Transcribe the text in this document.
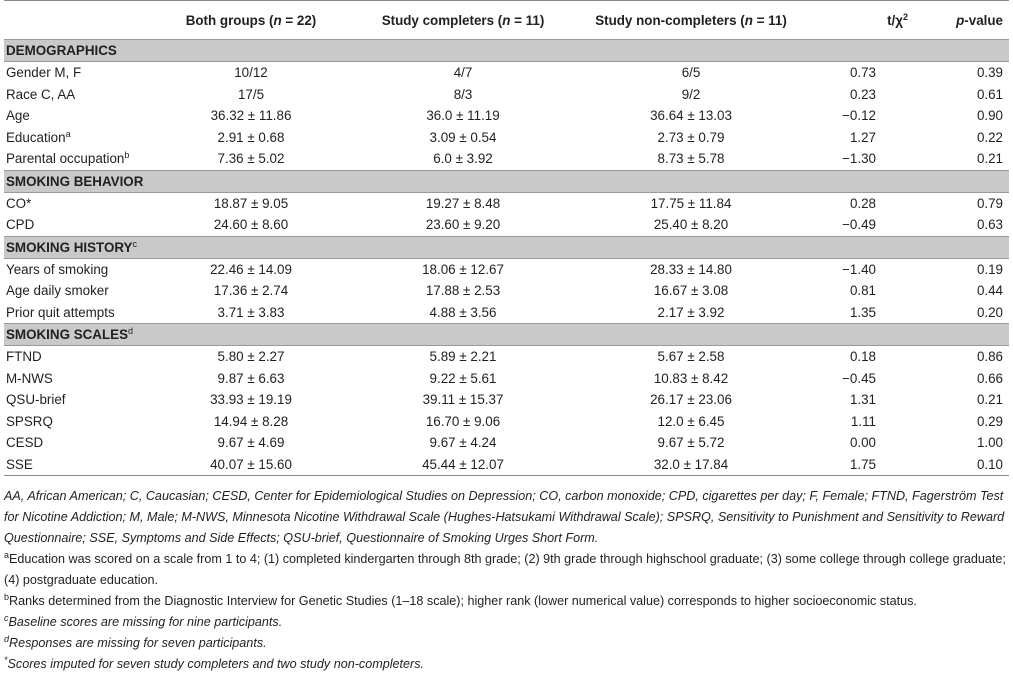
	Both groups (n = 22)	Study completers (n = 11)	Study non-completers (n = 11)	$t/\chi^2$	p-value
DEMOGRAPHICS					
Gender M, F	10/12	4/7	6/5	0.73	0.39
Race C, AA	17/5	8/3	9/2	0.23	0.61
Age	36.32 ± 11.86	36.0 ± 11.19	36.64 ± 13.03	−0.12	0.90
Education$^a$	2.91 ± 0.68	3.09 ± 0.54	2.73 ± 0.79	1.27	0.22
Parental occupation$^b$	7.36 ± 5.02	6.0 ± 3.92	8.73 ± 5.78	−1.30	0.21
SMOKING BEHAVIOR					
CO*	18.87 ± 9.05	19.27 ± 8.48	17.75 ± 11.84	0.28	0.79
CPD	24.60 ± 8.60	23.60 ± 9.20	25.40 ± 8.20	−0.49	0.63
SMOKING HISTORY$^c$
Years of smoking	22.46 ± 14.09	18.06 ± 12.67	28.33 ± 14.80	−1.40	0.19
Age daily smoker	17.36 ± 2.74	17.88 ± 2.53	16.67 ± 3.08	0.81	0.44
Prior quit attempts	3.71 ± 3.83	4.88 ± 3.56	2.17 ± 3.92	1.35	0.20
SMOKING SCALES$^d$
FTND	5.80 ± 2.27	5.89 ± 2.21	5.67 ± 2.58	0.18	0.86
M-NWS	9.87 ± 6.63	9.22 ± 5.61	10.83 ± 8.42	−0.45	0.66
QSU-brief	33.93 ± 19.19	39.11 ± 15.37	26.17 ± 23.06	1.31	0.21
SPSRQ	14.94 ± 8.28	16.70 ± 9.06	12.0 ± 6.45	1.11	0.29
CESD	9.67 ± 4.69	9.67 ± 4.24	9.67 ± 5.72	0.00	1.00
SSE	40.07 ± 15.60	45.44 ± 12.07	32.0 ± 17.84	1.75	0.10

AA, African American; C, Caucasian; CESD, Center for Epidemiological Studies on Depression; CO, carbon monoxide; CPD, cigarettes per day; F, Female; FTND, Fagerström Test for Nicotine Addiction; M, Male; M-NWS, Minnesota Nicotine Withdrawal Scale (Hughes-Hatsukami Withdrawal Scale); SPSRQ, Sensitivity to Punishment and Sensitivity to Reward Questionnaire; SSE, Symptoms and Side Effects; QSU-brief, Questionnaire of Smoking Urges Short Form.

$^a$Education was scored on a scale from 1 to 4; (1) completed kindergarten through 8th grade; (2) 9th grade through highschool graduate; (3) some college through college graduate; (4) postgraduate education.

$^b$Ranks determined from the Diagnostic Interview for Genetic Studies (1–18 scale); higher rank (lower numerical value) corresponds to higher socioeconomic status.

$^c$Baseline scores are missing for nine participants.

$^d$Responses are missing for seven participants.

*Scores imputed for seven study completers and two study non-completers.
